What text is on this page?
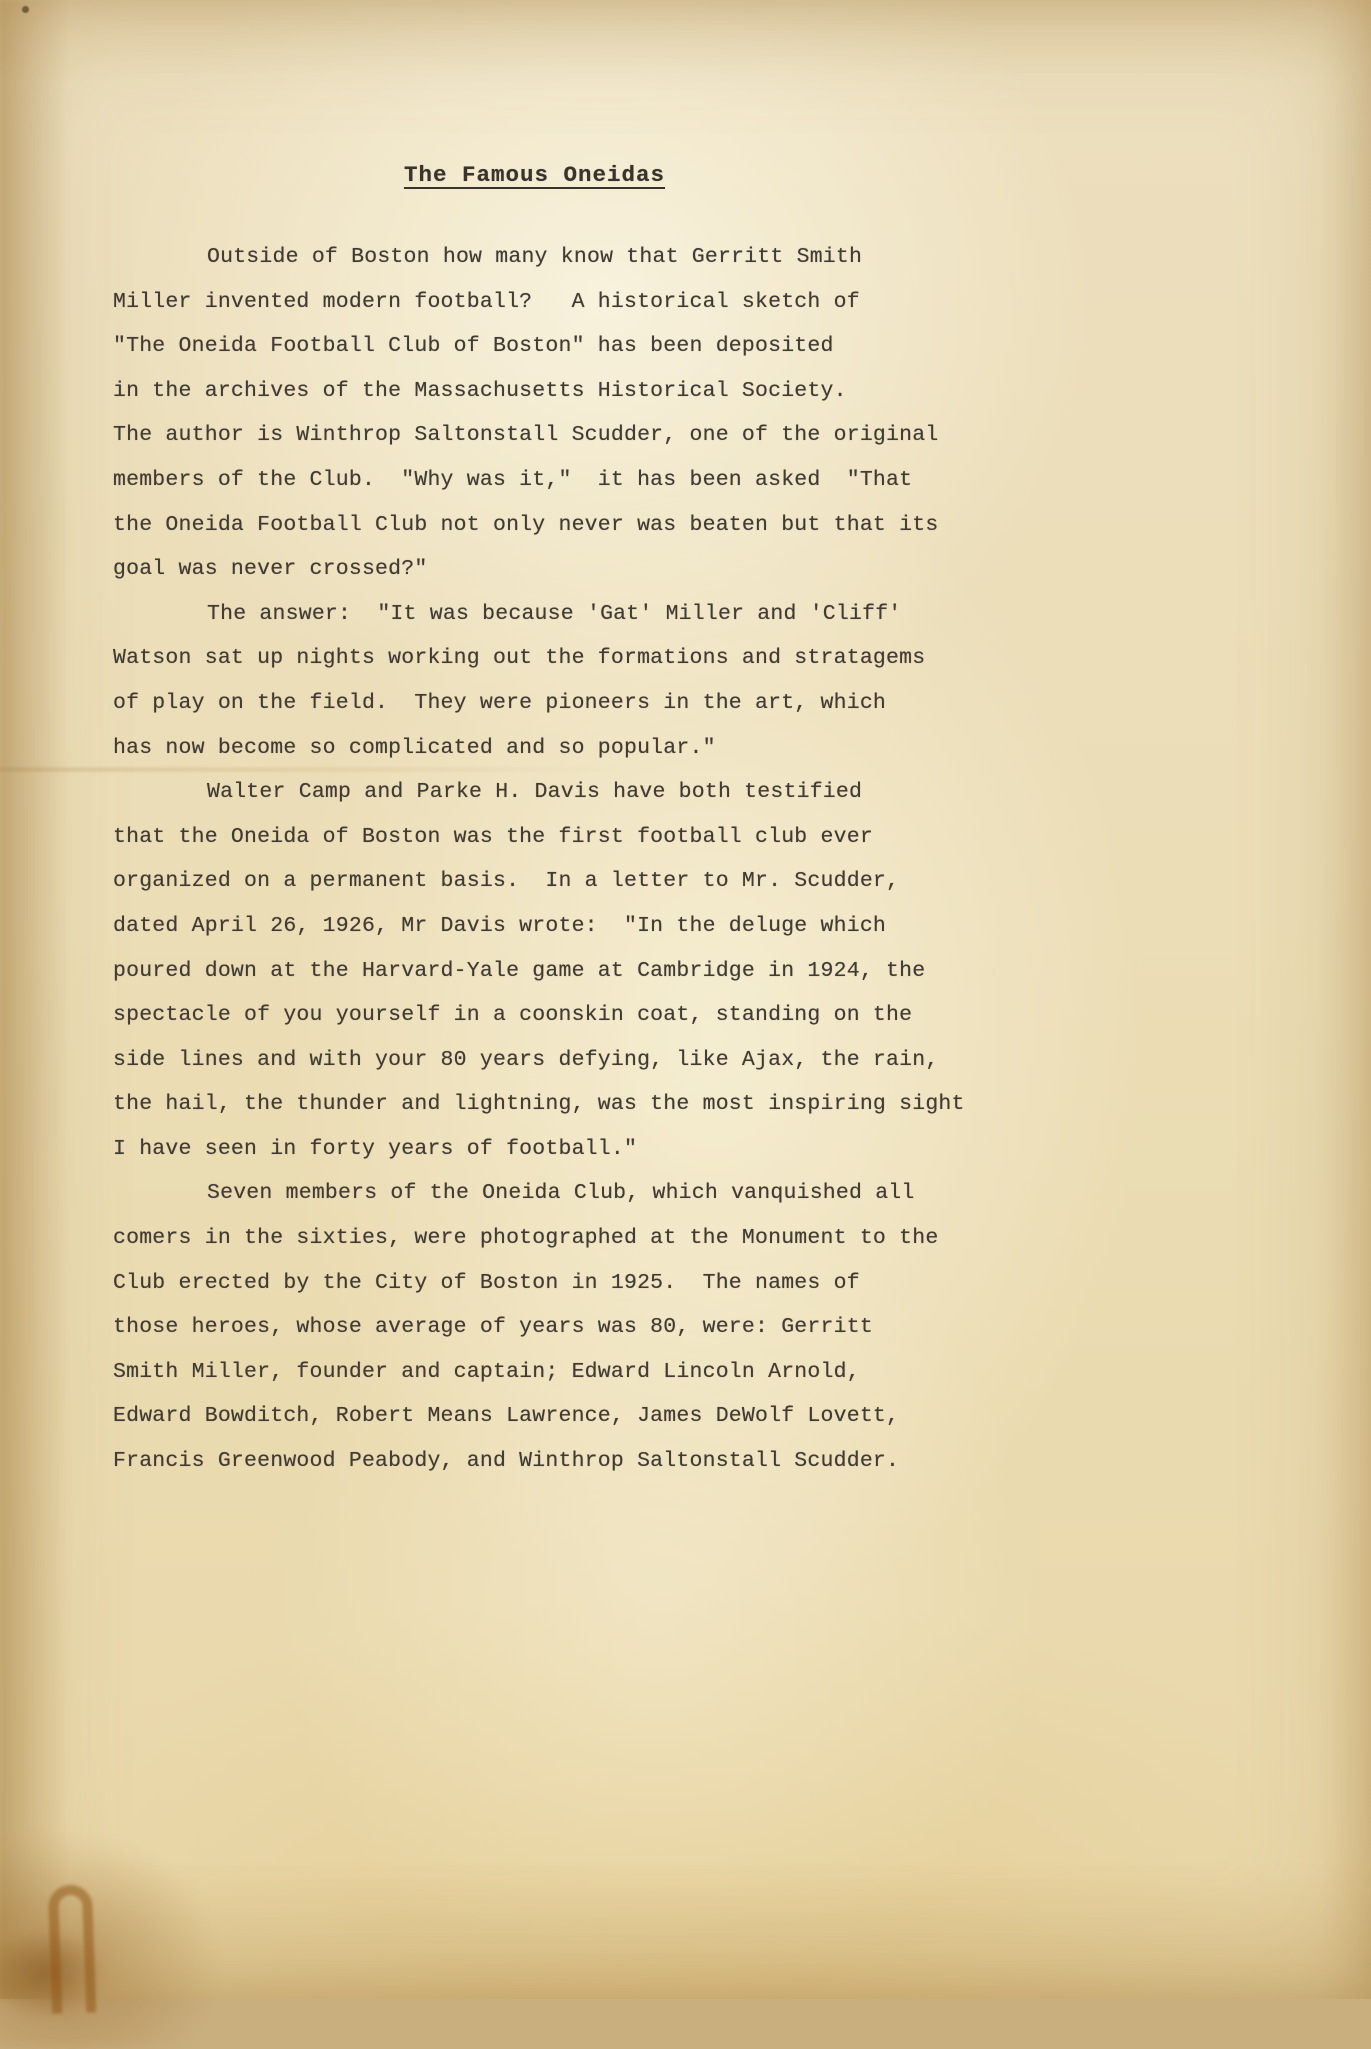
The Famous Oneidas
Outside of Boston how many know that Gerritt Smith
Miller invented modern football?   A historical sketch of
"The Oneida Football Club of Boston" has been deposited
in the archives of the Massachusetts Historical Society.
The author is Winthrop Saltonstall Scudder, one of the original
members of the Club.  "Why was it,"  it has been asked  "That
the Oneida Football Club not only never was beaten but that its
goal was never crossed?"
The answer:  "It was because 'Gat' Miller and 'Cliff'
Watson sat up nights working out the formations and stratagems
of play on the field.  They were pioneers in the art, which
has now become so complicated and so popular."
Walter Camp and Parke H. Davis have both testified
that the Oneida of Boston was the first football club ever
organized on a permanent basis.  In a letter to Mr. Scudder,
dated April 26, 1926, Mr Davis wrote:  "In the deluge which
poured down at the Harvard-Yale game at Cambridge in 1924, the
spectacle of you yourself in a coonskin coat, standing on the
side lines and with your 80 years defying, like Ajax, the rain,
the hail, the thunder and lightning, was the most inspiring sight
I have seen in forty years of football."
Seven members of the Oneida Club, which vanquished all
comers in the sixties, were photographed at the Monument to the
Club erected by the City of Boston in 1925.  The names of
those heroes, whose average of years was 80, were: Gerritt
Smith Miller, founder and captain; Edward Lincoln Arnold,
Edward Bowditch, Robert Means Lawrence, James DeWolf Lovett,
Francis Greenwood Peabody, and Winthrop Saltonstall Scudder.
